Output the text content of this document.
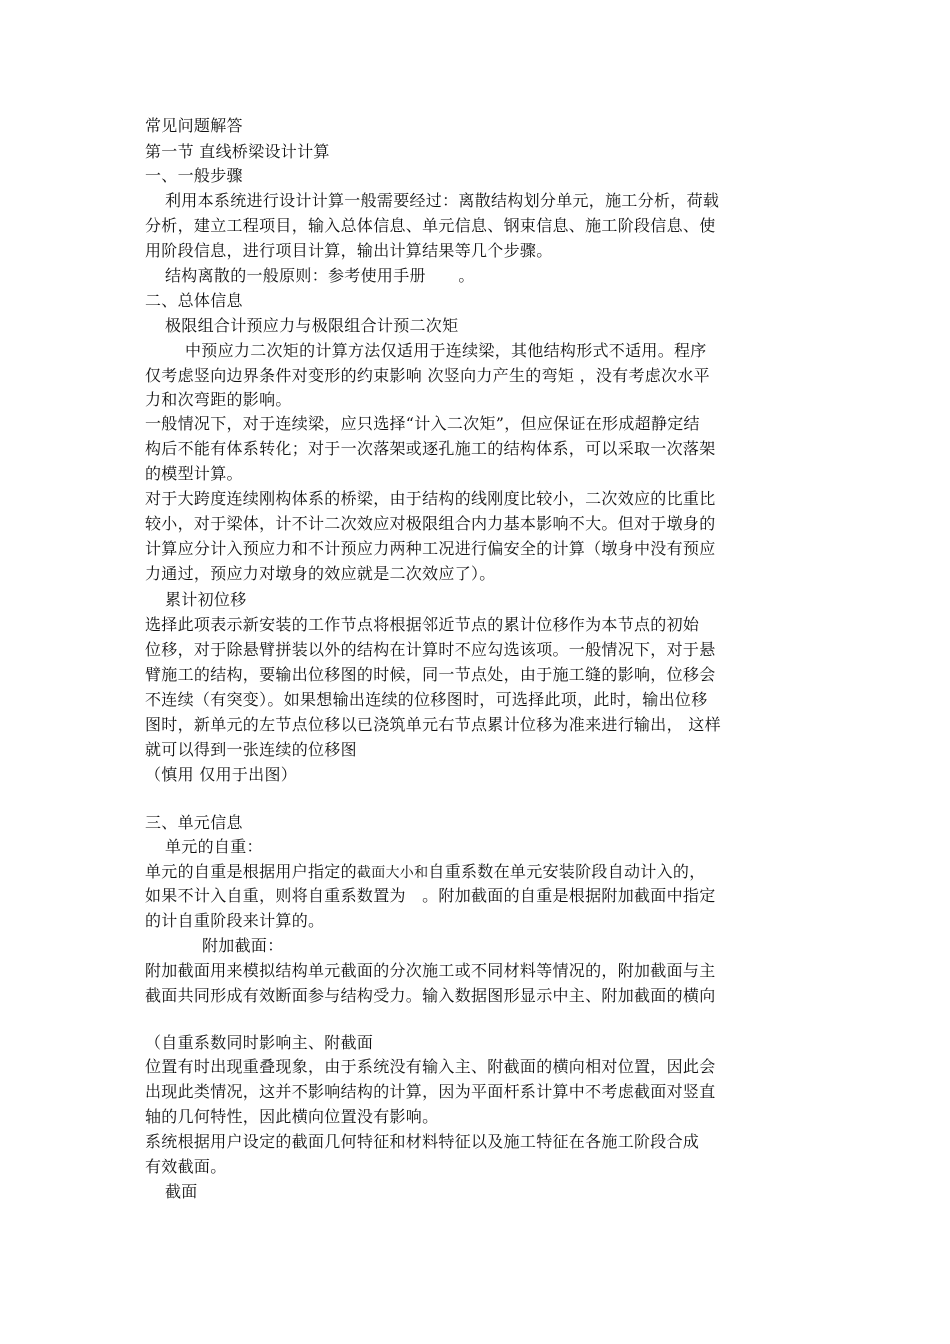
常见问题解答
第一节 直线桥梁设计计算
一、一般步骤
利用本系统进行设计计算一般需要经过：离散结构划分单元，施工分析，荷载
分析，建立工程项目，输入总体信息、单元信息、钢束信息、施工阶段信息、使
用阶段信息，进行项目计算，输出计算结果等几个步骤。
结构离散的一般原则：参考使用手册　　。
二、总体信息
极限组合计预应力与极限组合计预二次矩
中预应力二次矩的计算方法仅适用于连续梁，其他结构形式不适用。程序
仅考虑竖向边界条件对变形的约束影响 次竖向力产生的弯矩 ，没有考虑次水平
力和次弯距的影响。
一般情况下，对于连续梁，应只选择“计入二次矩”，但应保证在形成超静定结
构后不能有体系转化；对于一次落架或逐孔施工的结构体系，可以采取一次落架
的模型计算。
对于大跨度连续刚构体系的桥梁，由于结构的线刚度比较小，二次效应的比重比
较小，对于梁体，计不计二次效应对极限组合内力基本影响不大。但对于墩身的
计算应分计入预应力和不计预应力两种工况进行偏安全的计算（墩身中没有预应
力通过，预应力对墩身的效应就是二次效应了）。
累计初位移
选择此项表示新安装的工作节点将根据邻近节点的累计位移作为本节点的初始
位移，对于除悬臂拼装以外的结构在计算时不应勾选该项。一般情况下，对于悬
臂施工的结构，要输出位移图的时候，同一节点处，由于施工缝的影响，位移会
不连续（有突变）。如果想输出连续的位移图时，可选择此项，此时，输出位移
图时，新单元的左节点位移以已浇筑单元右节点累计位移为准来进行输出， 这样
就可以得到一张连续的位移图
（慎用 仅用于出图）
三、单元信息
单元的自重：
单元的自重是根据用户指定的截面大小和自重系数在单元安装阶段自动计入的，
如果不计入自重，则将自重系数置为　。附加截面的自重是根据附加截面中指定
的计自重阶段来计算的。
附加截面：
附加截面用来模拟结构单元截面的分次施工或不同材料等情况的，附加截面与主
截面共同形成有效断面参与结构受力。输入数据图形显示中主、附加截面的横向
（自重系数同时影响主、附截面
位置有时出现重叠现象，由于系统没有输入主、附截面的横向相对位置，因此会
出现此类情况，这并不影响结构的计算，因为平面杆系计算中不考虑截面对竖直
轴的几何特性，因此横向位置没有影响。
系统根据用户设定的截面几何特征和材料特征以及施工特征在各施工阶段合成
有效截面。
截面
